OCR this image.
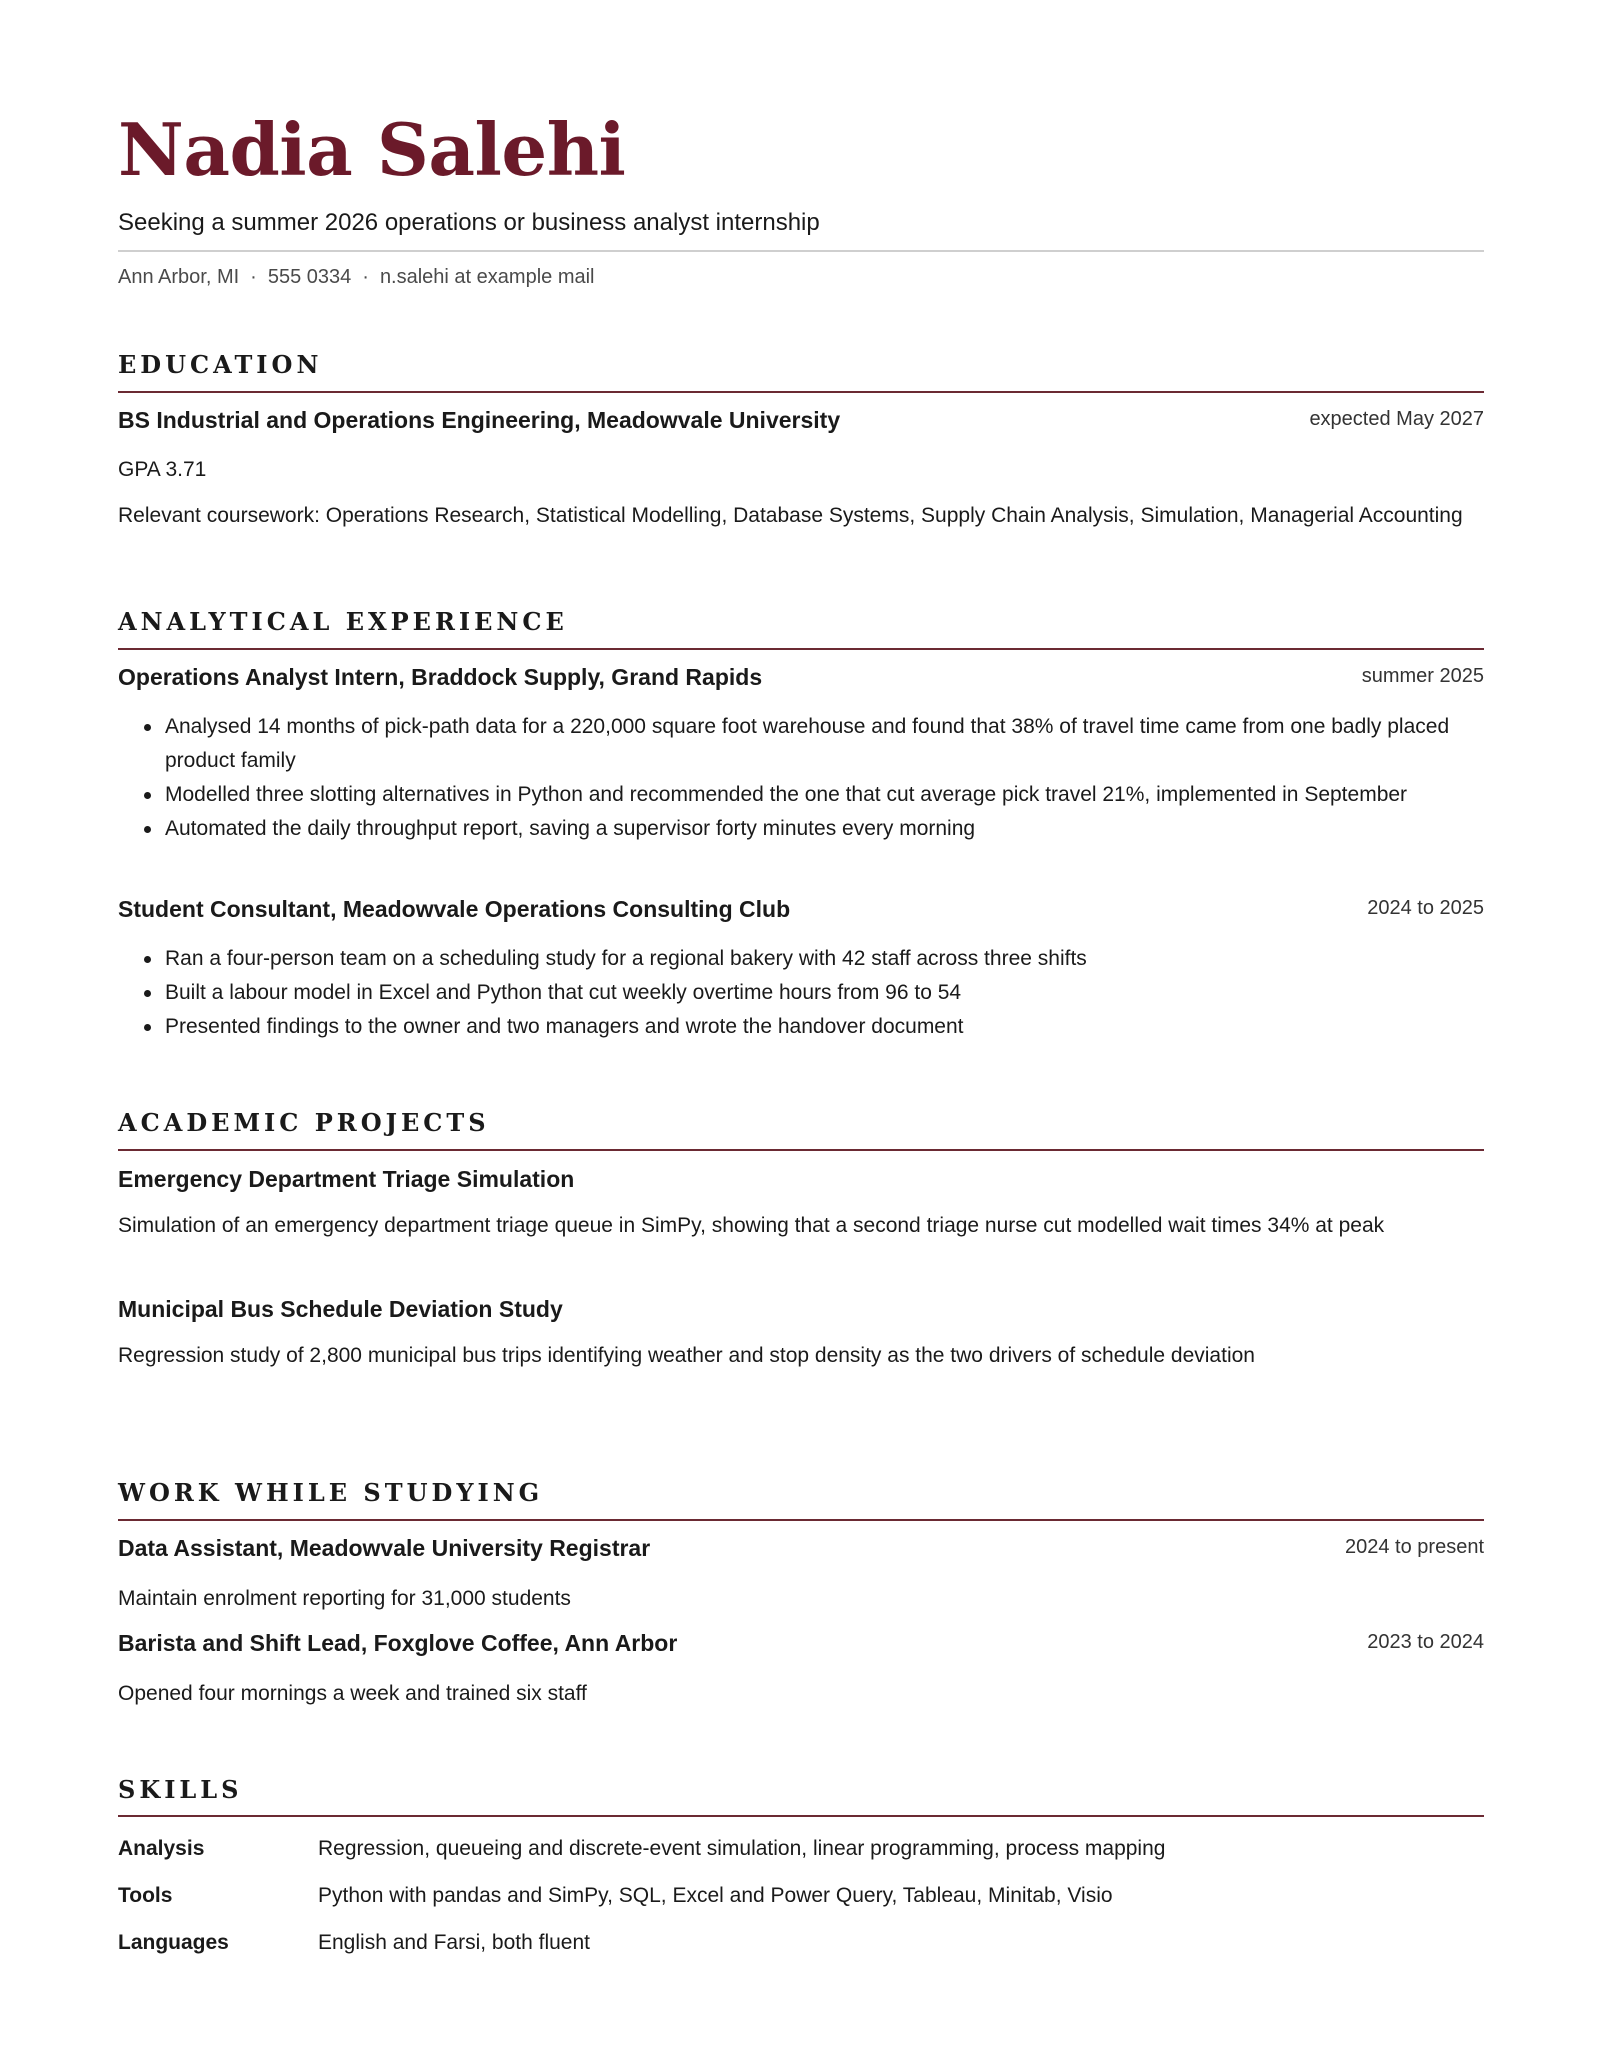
Nadia Salehi
Seeking a summer 2026 operations or business analyst internship
Ann Arbor, MI · 555 0334 · n.salehi at example mail
EDUCATION
BS Industrial and Operations Engineering, Meadowvale University	expected May 2027
GPA 3.71
Relevant coursework: Operations Research, Statistical Modelling, Database Systems, Supply Chain Analysis, Simulation, Managerial Accounting
ANALYTICAL EXPERIENCE
Operations Analyst Intern, Braddock Supply, Grand Rapids	summer 2025
Analysed 14 months of pick-path data for a 220,000 square foot warehouse and found that 38% of travel time came from one badly placed product family
Modelled three slotting alternatives in Python and recommended the one that cut average pick travel 21%, implemented in September
Automated the daily throughput report, saving a supervisor forty minutes every morning
Student Consultant, Meadowvale Operations Consulting Club	2024 to 2025
Ran a four-person team on a scheduling study for a regional bakery with 42 staff across three shifts
Built a labour model in Excel and Python that cut weekly overtime hours from 96 to 54
Presented findings to the owner and two managers and wrote the handover document
ACADEMIC PROJECTS
Emergency Department Triage Simulation
Simulation of an emergency department triage queue in SimPy, showing that a second triage nurse cut modelled wait times 34% at peak
Municipal Bus Schedule Deviation Study
Regression study of 2,800 municipal bus trips identifying weather and stop density as the two drivers of schedule deviation
WORK WHILE STUDYING
Data Assistant, Meadowvale University Registrar	2024 to present
Maintain enrolment reporting for 31,000 students
Barista and Shift Lead, Foxglove Coffee, Ann Arbor	2023 to 2024
Opened four mornings a week and trained six staff
SKILLS
Analysis	Regression, queueing and discrete-event simulation, linear programming, process mapping
Tools	Python with pandas and SimPy, SQL, Excel and Power Query, Tableau, Minitab, Visio
Languages	English and Farsi, both fluent
